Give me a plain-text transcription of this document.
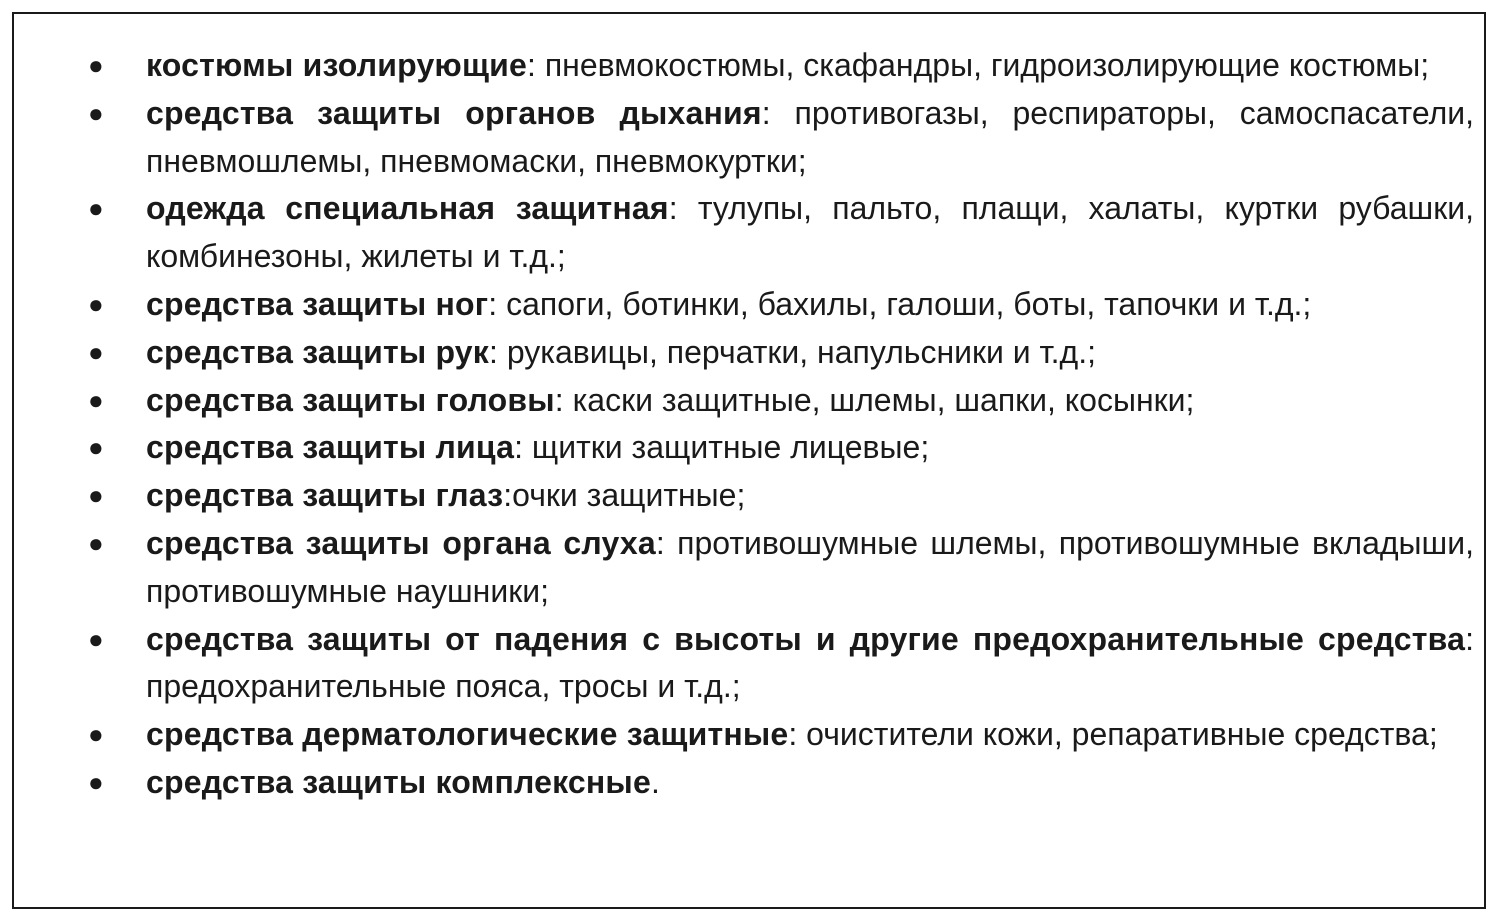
● костюмы изолирующие: пневмокостюмы, скафандры, гидроизолирующие костюмы;
● средства защиты органов дыхания: противогазы, респираторы, самоспасатели, пневмошлемы, пневмомаски, пневмокуртки;
● одежда специальная защитная: тулупы, пальто, плащи, халаты, куртки рубашки, комбинезоны, жилеты и т.д.;
● средства защиты ног: сапоги, ботинки, бахилы, галоши, боты, тапочки и т.д.;
● средства защиты рук: рукавицы, перчатки, напульсники и т.д.;
● средства защиты головы: каски защитные, шлемы, шапки, косынки;
● средства защиты лица: щитки защитные лицевые;
● средства защиты глаз:очки защитные;
● средства защиты органа слуха: противошумные шлемы, противошумные вкладыши, противошумные наушники;
● средства защиты от падения с высоты и другие предохранительные средства: предохранительные пояса, тросы и т.д.;
● средства дерматологические защитные: очистители кожи, репаративные средства;
● средства защиты комплексные.
